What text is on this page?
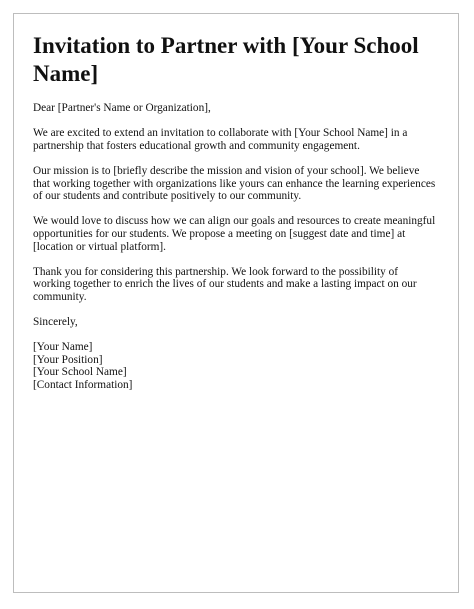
Invitation to Partner with [Your School Name]

Dear [Partner's Name or Organization],

We are excited to extend an invitation to collaborate with [Your School Name] in a partnership that fosters educational growth and community engagement.

Our mission is to [briefly describe the mission and vision of your school]. We believe that working together with organizations like yours can enhance the learning experiences of our students and contribute positively to our community.

We would love to discuss how we can align our goals and resources to create meaningful opportunities for our students. We propose a meeting on [suggest date and time] at [location or virtual platform].

Thank you for considering this partnership. We look forward to the possibility of working together to enrich the lives of our students and make a lasting impact on our community.

Sincerely,

[Your Name]
[Your Position]
[Your School Name]
[Contact Information]
